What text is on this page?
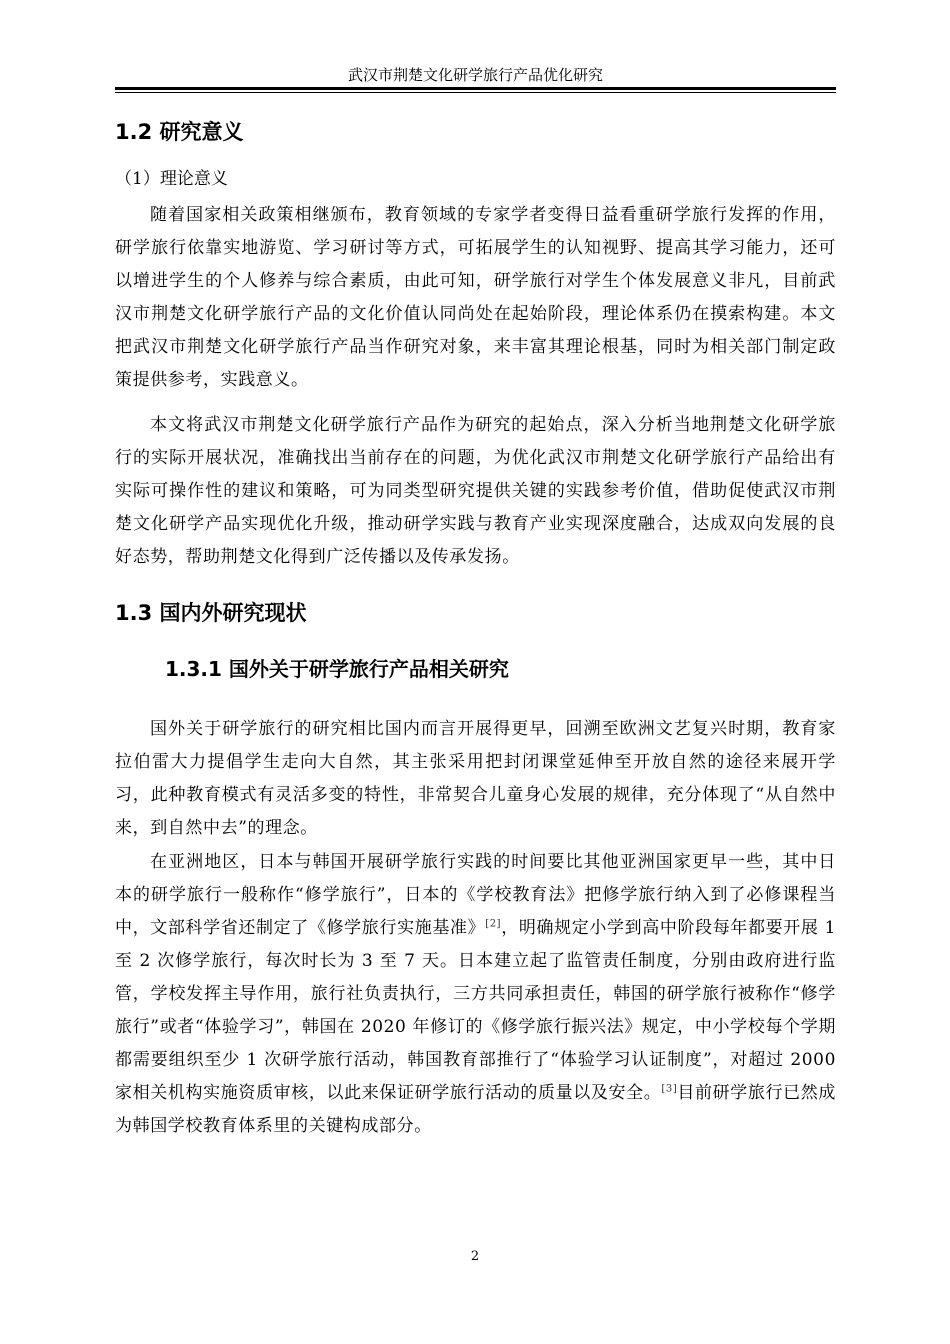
武汉市荆楚文化研学旅行产品优化研究
1.2 研究意义
（1）理论意义
随着国家相关政策相继颁布，教育领域的专家学者变得日益看重研学旅行发挥的作用，研学旅行依靠实地游览、学习研讨等方式，可拓展学生的认知视野、提高其学习能力，还可以增进学生的个人修养与综合素质，由此可知，研学旅行对学生个体发展意义非凡，目前武汉市荆楚文化研学旅行产品的文化价值认同尚处在起始阶段，理论体系仍在摸索构建。本文把武汉市荆楚文化研学旅行产品当作研究对象，来丰富其理论根基，同时为相关部门制定政策提供参考，实践意义。
本文将武汉市荆楚文化研学旅行产品作为研究的起始点，深入分析当地荆楚文化研学旅行的实际开展状况，准确找出当前存在的问题，为优化武汉市荆楚文化研学旅行产品给出有实际可操作性的建议和策略，可为同类型研究提供关键的实践参考价值，借助促使武汉市荆楚文化研学产品实现优化升级，推动研学实践与教育产业实现深度融合，达成双向发展的良好态势，帮助荆楚文化得到广泛传播以及传承发扬。
1.3 国内外研究现状
1.3.1 国外关于研学旅行产品相关研究
国外关于研学旅行的研究相比国内而言开展得更早，回溯至欧洲文艺复兴时期，教育家拉伯雷大力提倡学生走向大自然，其主张采用把封闭课堂延伸至开放自然的途径来展开学习，此种教育模式有灵活多变的特性，非常契合儿童身心发展的规律，充分体现了“从自然中来，到自然中去”的理念。
在亚洲地区，日本与韩国开展研学旅行实践的时间要比其他亚洲国家更早一些，其中日本的研学旅行一般称作“修学旅行”，日本的《学校教育法》把修学旅行纳入到了必修课程当中，文部科学省还制定了《修学旅行实施基准》[2]，明确规定小学到高中阶段每年都要开展 1 至 2 次修学旅行，每次时长为 3 至 7 天。日本建立起了监管责任制度，分别由政府进行监管，学校发挥主导作用，旅行社负责执行，三方共同承担责任，韩国的研学旅行被称作“修学旅行”或者“体验学习”，韩国在 2020 年修订的《修学旅行振兴法》规定，中小学校每个学期都需要组织至少 1 次研学旅行活动，韩国教育部推行了“体验学习认证制度”，对超过 2000 家相关机构实施资质审核，以此来保证研学旅行活动的质量以及安全。[3]目前研学旅行已然成为韩国学校教育体系里的关键构成部分。
2
